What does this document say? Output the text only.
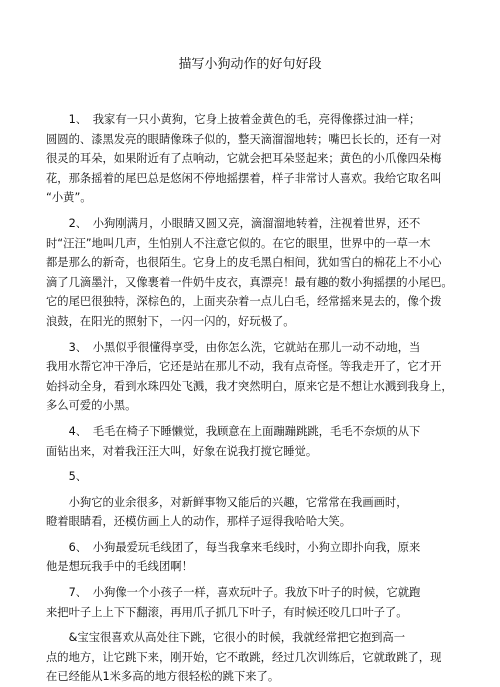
描写小狗动作的好句好段
　　1、　我家有一只小黄狗，它身上披着金黄色的毛，亮得像搽过油一样；
圆圆的、漆黑发亮的眼睛像珠子似的，整天滴溜溜地转；嘴巴长长的，还有一对
很灵的耳朵，如果附近有了点响动，它就会把耳朵竖起来；黄色的小爪像四朵梅
花，那条摇着的尾巴总是悠闲不停地摇摆着，样子非常讨人喜欢。我给它取名叫
“小黄”。
　　2、　小狗刚满月，小眼睛又圆又亮，滴溜溜地转着，注视着世界，还不
时“汪汪”地叫几声，生怕别人不注意它似的。在它的眼里，世界中的一草一木
都是那么的新奇，也很陌生。它身上的皮毛黑白相间，犹如雪白的棉花上不小心
滴了几滴墨汁，又像裹着一件奶牛皮衣，真漂亮！最有趣的数小狗摇摆的小尾巴。
它的尾巴很独特，深棕色的，上面夹杂着一点儿白毛，经常摇来晃去的，像个拨
浪鼓，在阳光的照射下，一闪一闪的，好玩极了。
　　3、　小黑似乎很懂得享受，由你怎么洗，它就站在那儿一动不动地，当
我用水帮它冲干净后，它还是站在那儿不动，我有点奇怪。等我走开了，它才开
始抖动全身，看到水珠四处飞溅，我才突然明白，原来它是不想让水溅到我身上，
多么可爱的小黑。
　　4、　毛毛在椅子下睡懒觉，我顾意在上面蹦蹦跳跳，毛毛不奈烦的从下
面钻出来，对着我汪汪大叫，好象在说我打搅它睡觉。
　　5、
　　小狗它的业余很多，对新鲜事物又能后的兴趣，它常常在我画画时，
瞪着眼睛看，还模仿画上人的动作，那样子逗得我哈哈大笑。
　　6、　小狗最爱玩毛线团了，每当我拿来毛线时，小狗立即扑向我，原来
他是想玩我手中的毛线团啊！
　　7、　小狗像一个小孩子一样，喜欢玩叶子。我放下叶子的时候，它就跑
来把叶子上上下下翻滚，再用爪子抓几下叶子，有时候还咬几口叶子了。
　　&宝宝很喜欢从高处往下跳，它很小的时候，我就经常把它抱到高一
点的地方，让它跳下来，刚开始，它不敢跳，经过几次训练后，它就敢跳了，现
在已经能从1米多高的地方很轻松的跳下来了。
